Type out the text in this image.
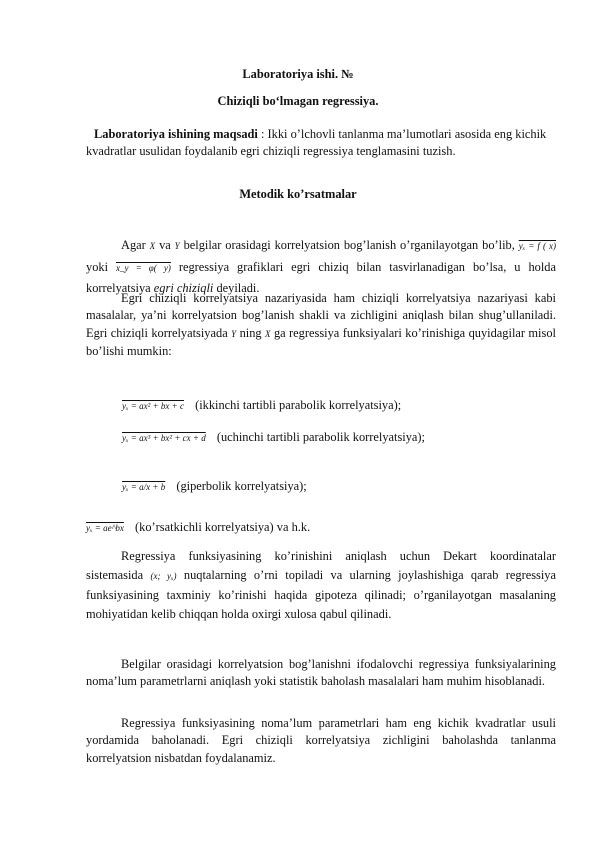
Laboratoriya ishi. №
Chiziqli bo‘lmagan regressiya.
Laboratoriya ishining maqsadi : Ikki o’lchovli tanlanma ma’lumotlari asosida eng kichik kvadratlar usulidan foydalanib egri chiziqli regressiya tenglamasini tuzish.
Metodik ko’rsatmalar
Agar X va Y belgilar orasidagi korrelyatsion bog’lanish o’rganilayotgan bo’lib, yₓ = f ( x) yoki x_y = φ( y) regressiya grafiklari egri chiziq bilan tasvirlanadigan bo’lsa, u holda korrelyatsiya egri chiziqli deyiladi.
Egri chiziqli korrelyatsiya nazariyasida ham chiziqli korrelyatsiya nazariyasi kabi masalalar, ya’ni korrelyatsion bog’lanish shakli va zichligini aniqlash bilan shug’ullaniladi. Egri chiziqli korrelyatsiyada Y ning X ga regressiya funksiyalari ko’rinishiga quyidagilar misol bo’lishi mumkin:
yₓ = ax² + bx + c (ikkinchi tartibli parabolik korrelyatsiya);
yₓ = ax³ + bx² + cx + d (uchinchi tartibli parabolik korrelyatsiya);
yₓ = a/x + b (giperbolik korrelyatsiya);
yₓ = ae^bx (ko’rsatkichli korrelyatsiya) va h.k.
Regressiya funksiyasining ko’rinishini aniqlash uchun Dekart koordinatalar sistemasida (x; yₓ) nuqtalarning o’rni topiladi va ularning joylashishiga qarab regressiya funksiyasining taxminiy ko’rinishi haqida gipoteza qilinadi; o’rganilayotgan masalaning mohiyatidan kelib chiqqan holda oxirgi xulosa qabul qilinadi.
Belgilar orasidagi korrelyatsion bog’lanishni ifodalovchi regressiya funksiyalarining noma’lum parametrlarni aniqlash yoki statistik baholash masalalari ham muhim hisoblanadi.
Regressiya funksiyasining noma’lum parametrlari ham eng kichik kvadratlar usuli yordamida baholanadi. Egri chiziqli korrelyatsiya zichligini baholashda tanlanma korrelyatsion nisbatdan foydalanamiz.
